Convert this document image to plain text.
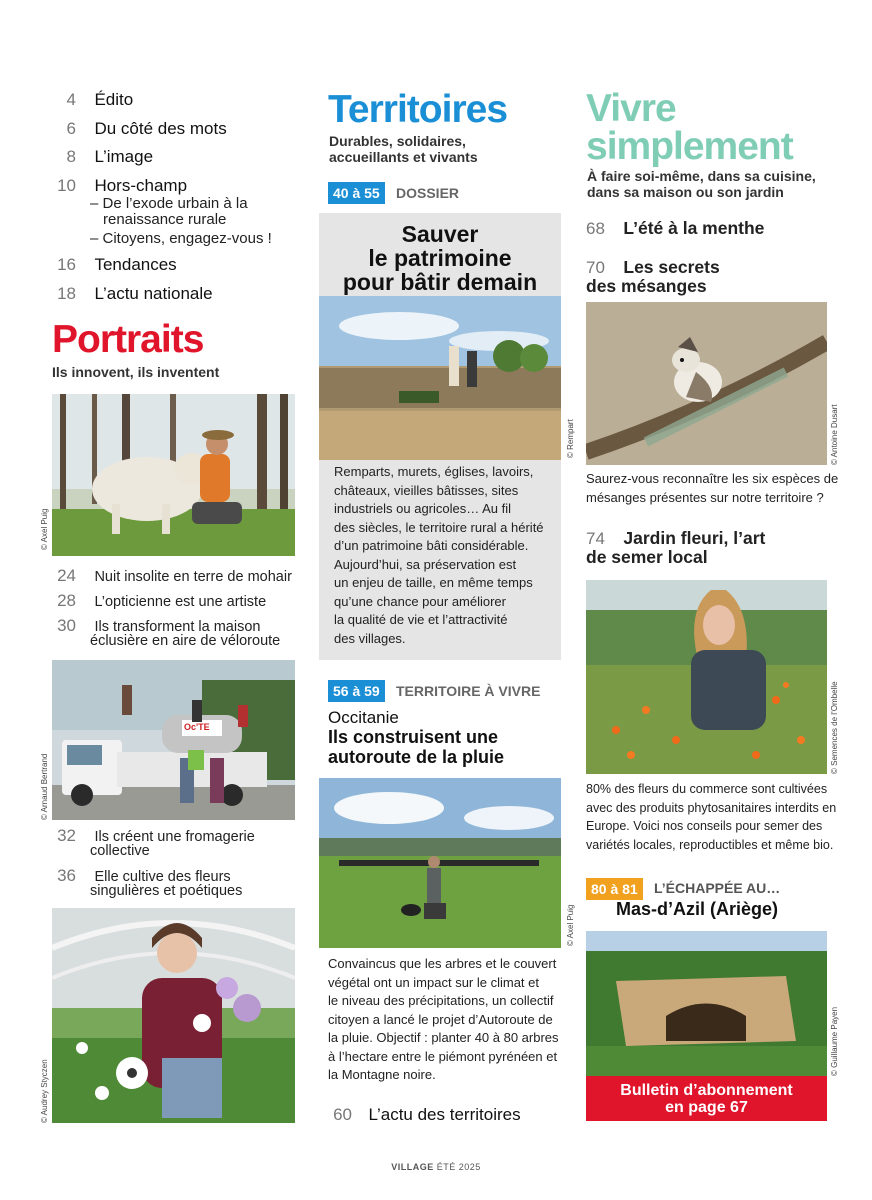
4 Édito
6 Du côté des mots
8 L’image
10 Hors-champ
– De l’exode urbain à la
renaissance rurale
– Citoyens, engagez-vous !
16 Tendances
18 L’actu nationale
Portraits
Ils innovent, ils inventent
© Axel Puig
24 Nuit insolite en terre de mohair
28 L’opticienne est une artiste
30 Ils transforment la maison
éclusière en aire de véloroute
Oc'TE
© Arnaud Bertrand
32 Ils créent une fromagerie
collective
36 Elle cultive des fleurs
singulières et poétiques
© Audrey Styczen
Territoires
Durables, solidaires,
accueillants et vivants
40 à 55	DOSSIER
Sauver
le patrimoine
pour bâtir demain
© Rempart
Remparts, murets, églises, lavoirs,
châteaux, vieilles bâtisses, sites
industriels ou agricoles… Au fil
des siècles, le territoire rural a hérité
d’un patrimoine bâti considérable.
Aujourd’hui, sa préservation est
un enjeu de taille, en même temps
qu’une chance pour améliorer
la qualité de vie et l’attractivité
des villages.
56 à 59	TERRITOIRE À VIVRE
Occitanie
Ils construisent une
autoroute de la pluie
© Axel Puig
Convaincus que les arbres et le couvert
végétal ont un impact sur le climat et
le niveau des précipitations, un collectif
citoyen a lancé le projet d’Autoroute de
la pluie. Objectif : planter 40 à 80 arbres
à l’hectare entre le piémont pyrénéen et
la Montagne noire.
60 L’actu des territoires
Vivre
simplement
À faire soi-même, dans sa cuisine,
dans sa maison ou son jardin
68 L’été à la menthe
70 Les secrets
des mésanges
© Antoine Dusart
Saurez-vous reconnaître les six espèces de
mésanges présentes sur notre territoire ?
74 Jardin fleuri, l’art
de semer local
© Semences de l’Ombelle
80% des fleurs du commerce sont cultivées
avec des produits phytosanitaires interdits en
Europe. Voici nos conseils pour semer des
variétés locales, reproductibles et même bio.
80 à 81	L’ÉCHAPPÉE AU…
Mas-d’Azil (Ariège)
© Guillaume Payen
Bulletin d’abonnement
en page 67
VILLAGE ÉTÉ 2025
